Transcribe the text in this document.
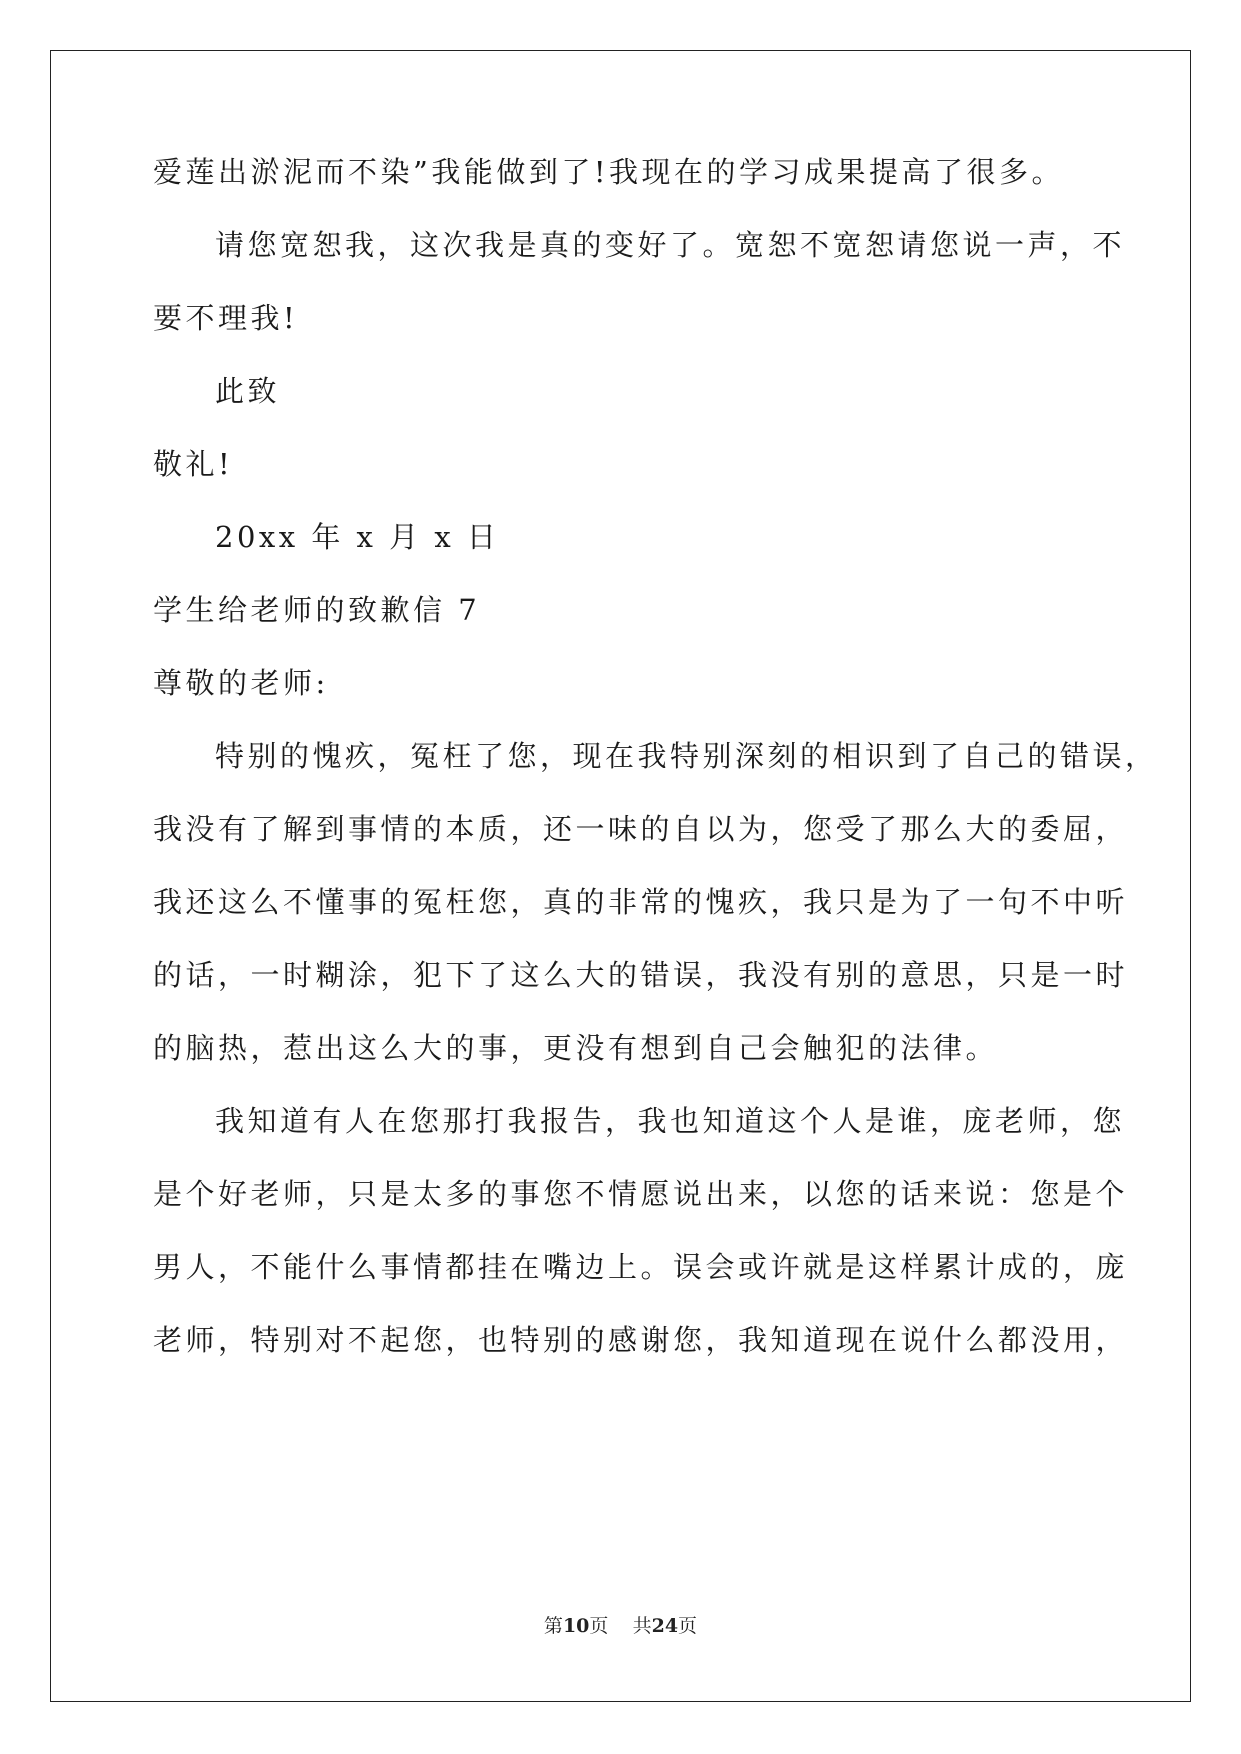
爱莲出淤泥而不染”我能做到了!我现在的学习成果提高了很多。
请您宽恕我，这次我是真的变好了。宽恕不宽恕请您说一声，不
要不理我!
此致
敬礼!
20xx 年 x 月 x 日
学生给老师的致歉信 7
尊敬的老师:
特别的愧疚，冤枉了您，现在我特别深刻的相识到了自己的错误，
我没有了解到事情的本质，还一味的自以为，您受了那么大的委屈，
我还这么不懂事的冤枉您，真的非常的愧疚，我只是为了一句不中听
的话，一时糊涂，犯下了这么大的错误，我没有别的意思，只是一时
的脑热，惹出这么大的事，更没有想到自己会触犯的法律。
我知道有人在您那打我报告，我也知道这个人是谁，庞老师，您
是个好老师，只是太多的事您不情愿说出来，以您的话来说：您是个
男人，不能什么事情都挂在嘴边上。误会或许就是这样累计成的，庞
老师，特别对不起您，也特别的感谢您，我知道现在说什么都没用，
第10页 共24页
